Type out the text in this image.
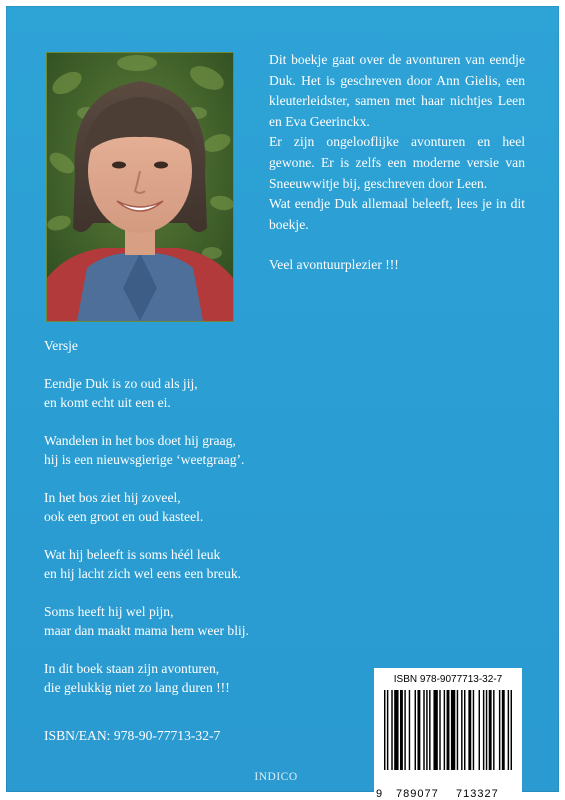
Dit boekje gaat over de avonturen van eendje Duk. Het is geschreven door Ann Gielis, een kleuterleidster, samen met haar nichtjes Leen en Eva Geerinckx.

Er zijn ongelooflijke avonturen en heel gewone. Er is zelfs een moderne versie van Sneeuwwitje bij, geschreven door Leen.

Wat eendje Duk allemaal beleeft, lees je in dit boekje.

Veel avontuurplezier !!!

Versje
Eendje Duk is zo oud als jij,
en komt echt uit een ei.
Wandelen in het bos doet hij graag,
hij is een nieuwsgierige ‘weetgraag’.
In het bos ziet hij zoveel,
ook een groot en oud kasteel.
Wat hij beleeft is soms héél leuk
en hij lacht zich wel eens een breuk.
Soms heeft hij wel pijn,
maar dan maakt mama hem weer blij.
In dit boek staan zijn avonturen,
die gelukkig niet zo lang duren !!!
ISBN/EAN: 978-90-77713-32-7
INDICO
ISBN 978-9077713-32-7
9 789077 713327
